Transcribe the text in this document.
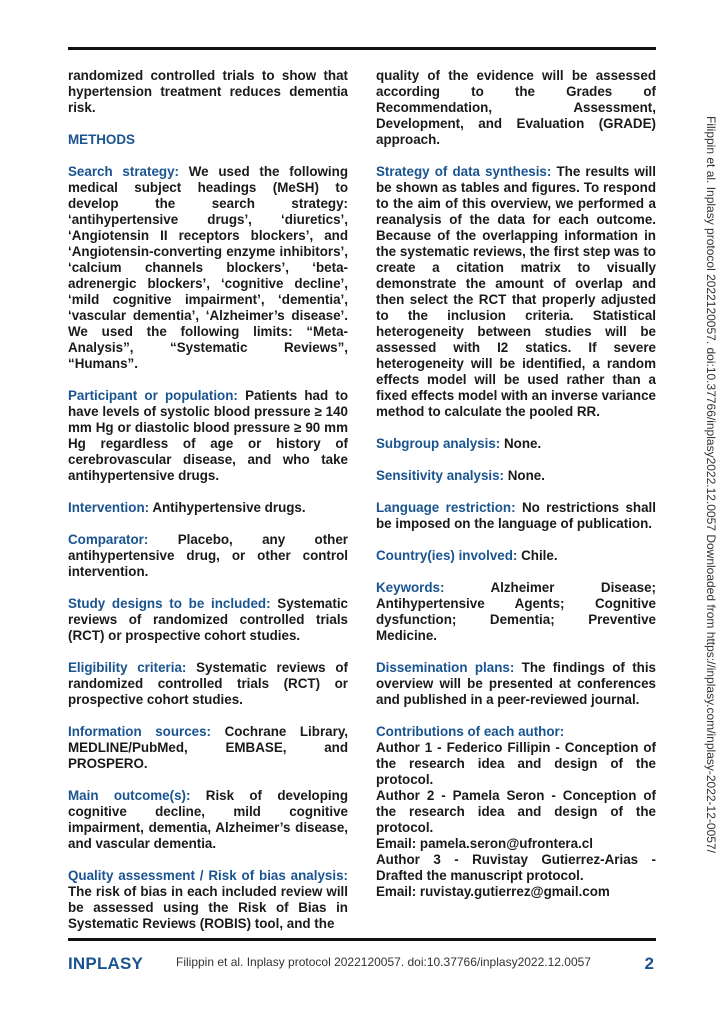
randomized controlled trials to show that hypertension treatment reduces dementia risk.

METHODS

Search strategy: We used the following medical subject headings (MeSH) to develop the search strategy: ‘antihypertensive drugs’, ‘diuretics’, ‘Angiotensin II receptors blockers’, and ‘Angiotensin-converting enzyme inhibitors’, ‘calcium channels blockers’, ‘beta-adrenergic blockers’, ‘cognitive decline’, ‘mild cognitive impairment’, ‘dementia’, ‘vascular dementia’, ‘Alzheimer’s disease’. We used the following limits: “Meta-Analysis”, “Systematic Reviews”, “Humans”.

Participant or population: Patients had to have levels of systolic blood pressure ≥ 140 mm Hg or diastolic blood pressure ≥ 90 mm Hg regardless of age or history of cerebrovascular disease, and who take antihypertensive drugs.

Intervention: Antihypertensive drugs.

Comparator: Placebo, any other antihypertensive drug, or other control intervention.

Study designs to be included: Systematic reviews of randomized controlled trials (RCT) or prospective cohort studies.

Eligibility criteria: Systematic reviews of randomized controlled trials (RCT) or prospective cohort studies.

Information sources: Cochrane Library, MEDLINE/PubMed, EMBASE, and PROSPERO.

Main outcome(s): Risk of developing cognitive decline, mild cognitive impairment, dementia, Alzheimer’s disease, and vascular dementia.

Quality assessment / Risk of bias analysis: The risk of bias in each included review will be assessed using the Risk of Bias in Systematic Reviews (ROBIS) tool, and the

quality of the evidence will be assessed according to the Grades of Recommendation, Assessment, Development, and Evaluation (GRADE) approach.

Strategy of data synthesis: The results will be shown as tables and figures. To respond to the aim of this overview, we performed a reanalysis of the data for each outcome. Because of the overlapping information in the systematic reviews, the first step was to create a citation matrix to visually demonstrate the amount of overlap and then select the RCT that properly adjusted to the inclusion criteria. Statistical heterogeneity between studies will be assessed with I2 statics. If severe heterogeneity will be identified, a random effects model will be used rather than a fixed effects model with an inverse variance method to calculate the pooled RR.

Subgroup analysis: None.

Sensitivity analysis: None.

Language restriction: No restrictions shall be imposed on the language of publication.

Country(ies) involved: Chile.

Keywords: Alzheimer Disease; Antihypertensive Agents; Cognitive dysfunction; Dementia; Preventive Medicine.

Dissemination plans: The findings of this overview will be presented at conferences and published in a peer-reviewed journal.

Contributions of each author:
Author 1 - Federico Fillipin - Conception of the research idea and design of the protocol.
Author 2 - Pamela Seron - Conception of the research idea and design of the protocol.
Email: pamela.seron@ufrontera.cl
Author 3 - Ruvistay Gutierrez-Arias - Drafted the manuscript protocol.
Email: ruvistay.gutierrez@gmail.com
INPLASY	Filippin et al. Inplasy protocol 2022120057. doi:10.37766/inplasy2022.12.0057	2
Filippin et al. Inplasy protocol 2022120057. doi:10.37766/inplasy2022.12.0057 Downloaded from https://inplasy.com/inplasy-2022-12-0057/
